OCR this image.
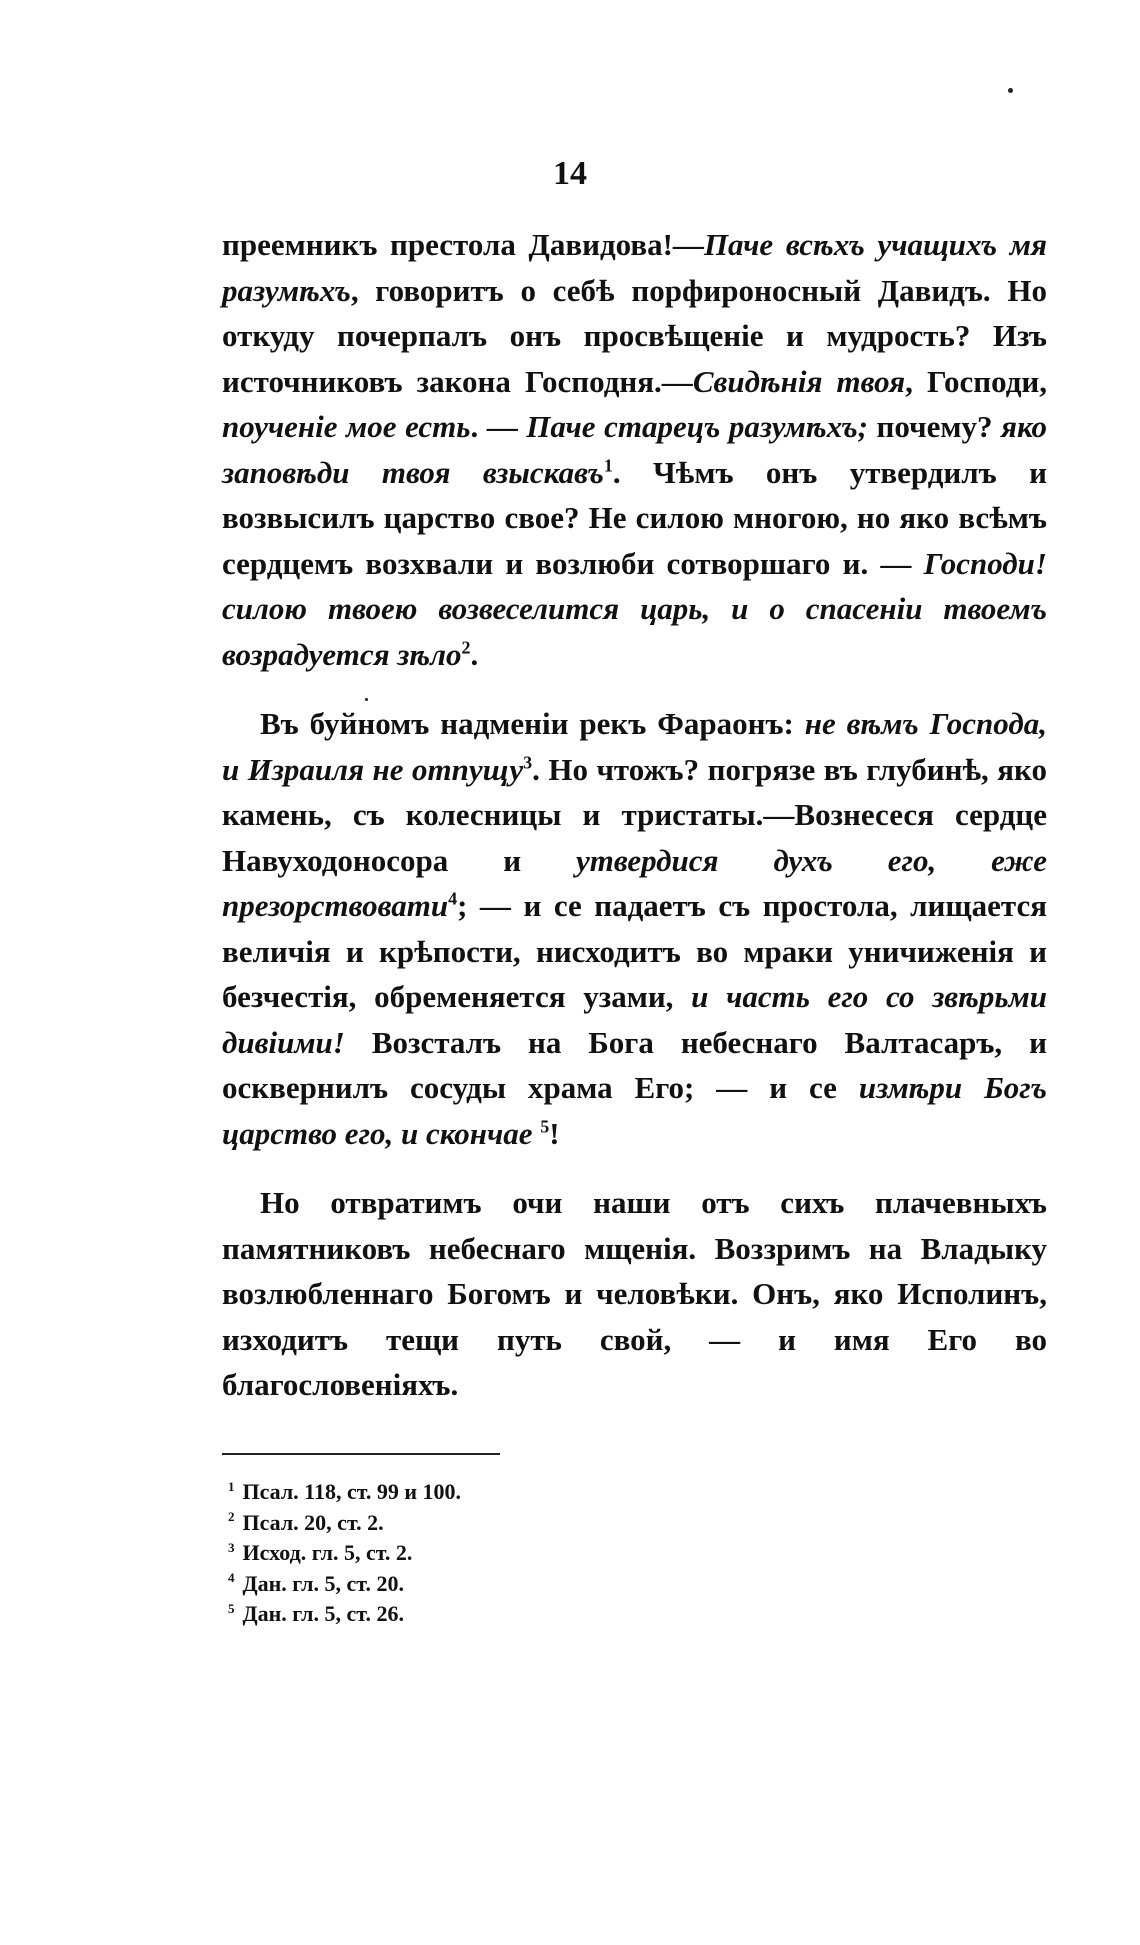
14

преемникъ престола Давидова!—Паче всѣхъ учащихъ мя разумѣхъ, говоритъ о себѣ порфироносный Давидъ. Но откуду почерпалъ онъ просвѣщеніе и мудрость? Изъ источниковъ закона Господня.—Свидѣнія твоя, Господи, поученіе мое есть. — Паче старецъ разумѣхъ; почему? яко заповѣди твоя взыскавъ$^1$. Чѣмъ онъ утвердилъ и возвысилъ царство свое? Не силою многою, но яко всѣмъ сердцемъ возхвали и возлюби сотворшаго и. — Господи! силою твоею возвеселится царь, и о спасеніи твоемъ возрадуется зѣло$^2$.

Въ буйномъ надменіи рекъ Фараонъ: не вѣмъ Господа, и Израиля не отпущу$^3$. Но чтожъ? погрязе въ глубинѣ, яко камень, съ колесницы и тристаты.—Вознесеся сердце Навуходоносора и утвердися духъ его, еже презорствовати$^4$; — и се падаетъ съ простола, лищается величія и крѣпости, нисходитъ во мраки уничиженія и безчестія, обременяется узами, и часть его со звѣрьми дивіими! Возсталъ на Бога небеснаго Валтасаръ, и осквернилъ сосуды храма Его; — и се измѣри Богъ царство его, и скончае $^5$!

Но отвратимъ очи наши отъ сихъ плачевныхъ памятниковъ небеснаго мщенія. Воззримъ на Владыку возлюбленнаго Богомъ и человѣки. Онъ, яко Исполинъ, изходитъ тещи путь свой, — и имя Его во благословеніяхъ.

$^1$ Псал. 118, ст. 99 и 100.
$^2$ Псал. 20, ст. 2.
$^3$ Исход. гл. 5, ст. 2.
$^4$ Дан. гл. 5, ст. 20.
$^5$ Дан. гл. 5, ст. 26.
